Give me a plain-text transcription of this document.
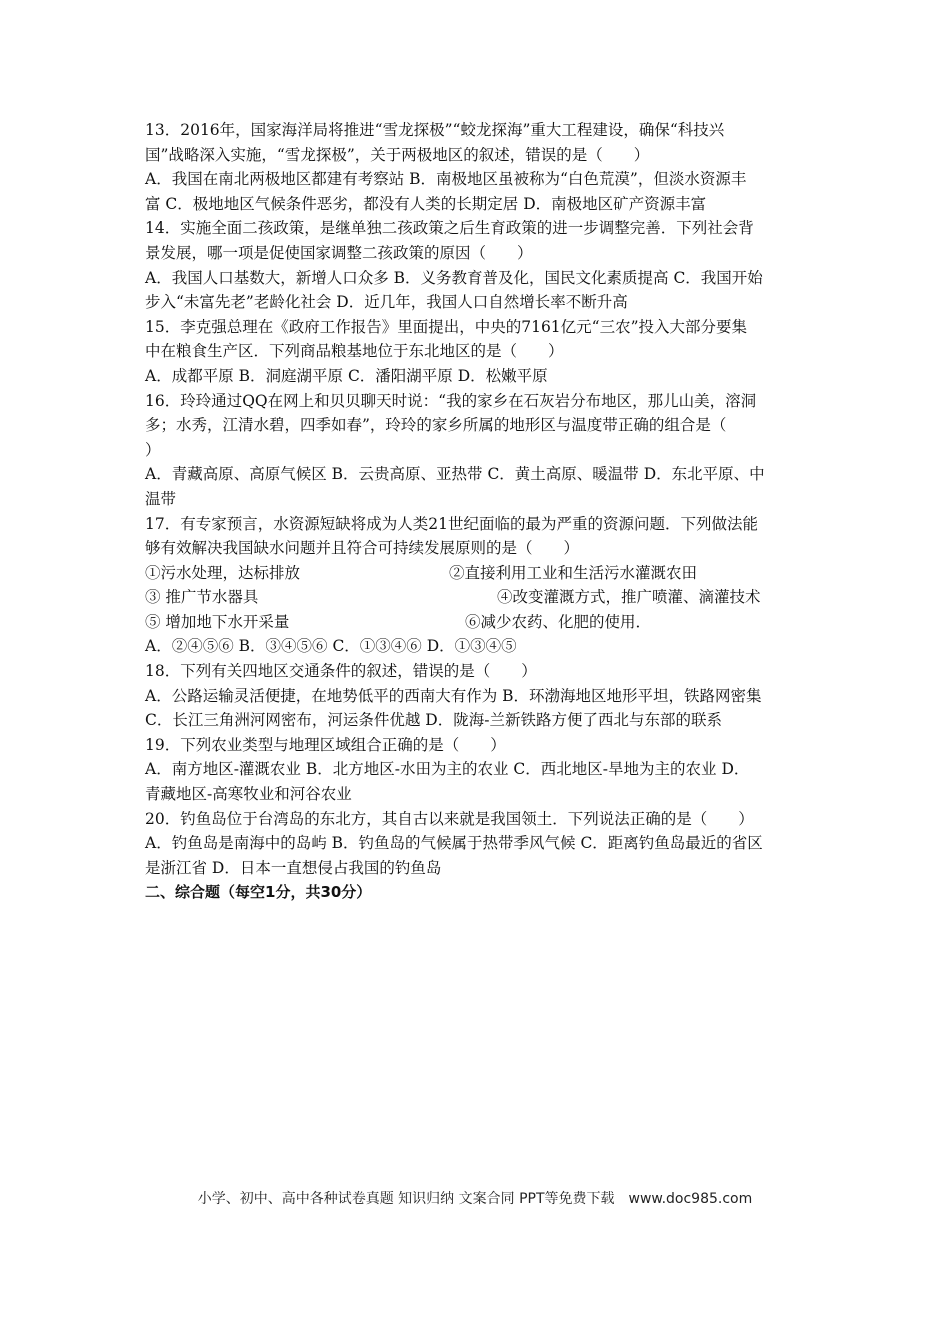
13．2016年，国家海洋局将推进“雪龙探极”“蛟龙探海”重大工程建设，确保“科技兴
国”战略深入实施，“雪龙探极”，关于两极地区的叙述，错误的是（　　）
A．我国在南北两极地区都建有考察站 B．南极地区虽被称为“白色荒漠”，但淡水资源丰
富 C．极地地区气候条件恶劣，都没有人类的长期定居 D．南极地区矿产资源丰富
14．实施全面二孩政策，是继单独二孩政策之后生育政策的进一步调整完善．下列社会背
景发展，哪一项是促使国家调整二孩政策的原因（　　）
A．我国人口基数大，新增人口众多 B．义务教育普及化，国民文化素质提高 C．我国开始
步入“未富先老”老龄化社会 D．近几年，我国人口自然增长率不断升高
15．李克强总理在《政府工作报告》里面提出，中央的7161亿元“三农”投入大部分要集
中在粮食生产区．下列商品粮基地位于东北地区的是（　　）
A．成都平原 B．洞庭湖平原 C．潘阳湖平原 D．松嫩平原
16．玲玲通过QQ在网上和贝贝聊天时说：“我的家乡在石灰岩分布地区，那儿山美，溶洞
多；水秀，江清水碧，四季如春”，玲玲的家乡所属的地形区与温度带正确的组合是（
）
A．青藏高原、高原气候区 B．云贵高原、亚热带 C．黄土高原、暖温带 D．东北平原、中
温带
17．有专家预言，水资源短缺将成为人类21世纪面临的最为严重的资源问题．下列做法能
够有效解决我国缺水问题并且符合可持续发展原则的是（　　）
①污水处理，达标排放	②直接利用工业和生活污水灌溉农田
③ 推广节水器具	④改变灌溉方式，推广喷灌、滴灌技术
⑤ 增加地下水开采量	⑥减少农药、化肥的使用．
A．②④⑤⑥ B．③④⑤⑥ C．①③④⑥ D．①③④⑤
18．下列有关四地区交通条件的叙述，错误的是（　　）
A．公路运输灵活便捷，在地势低平的西南大有作为 B．环渤海地区地形平坦，铁路网密集
C．长江三角洲河网密布，河运条件优越 D．陇海-兰新铁路方便了西北与东部的联系
19．下列农业类型与地理区域组合正确的是（　　）
A．南方地区-灌溉农业 B．北方地区-水田为主的农业 C．西北地区-旱地为主的农业 D．
青藏地区-高寒牧业和河谷农业
20．钓鱼岛位于台湾岛的东北方，其自古以来就是我国领土．下列说法正确的是（　　）
A．钓鱼岛是南海中的岛屿 B．钓鱼岛的气候属于热带季风气候 C．距离钓鱼岛最近的省区
是浙江省 D．日本一直想侵占我国的钓鱼岛
二、综合题（每空1分，共30分）
小学、初中、高中各种试卷真题 知识归纳 文案合同 PPT等免费下载　www.doc985.com
